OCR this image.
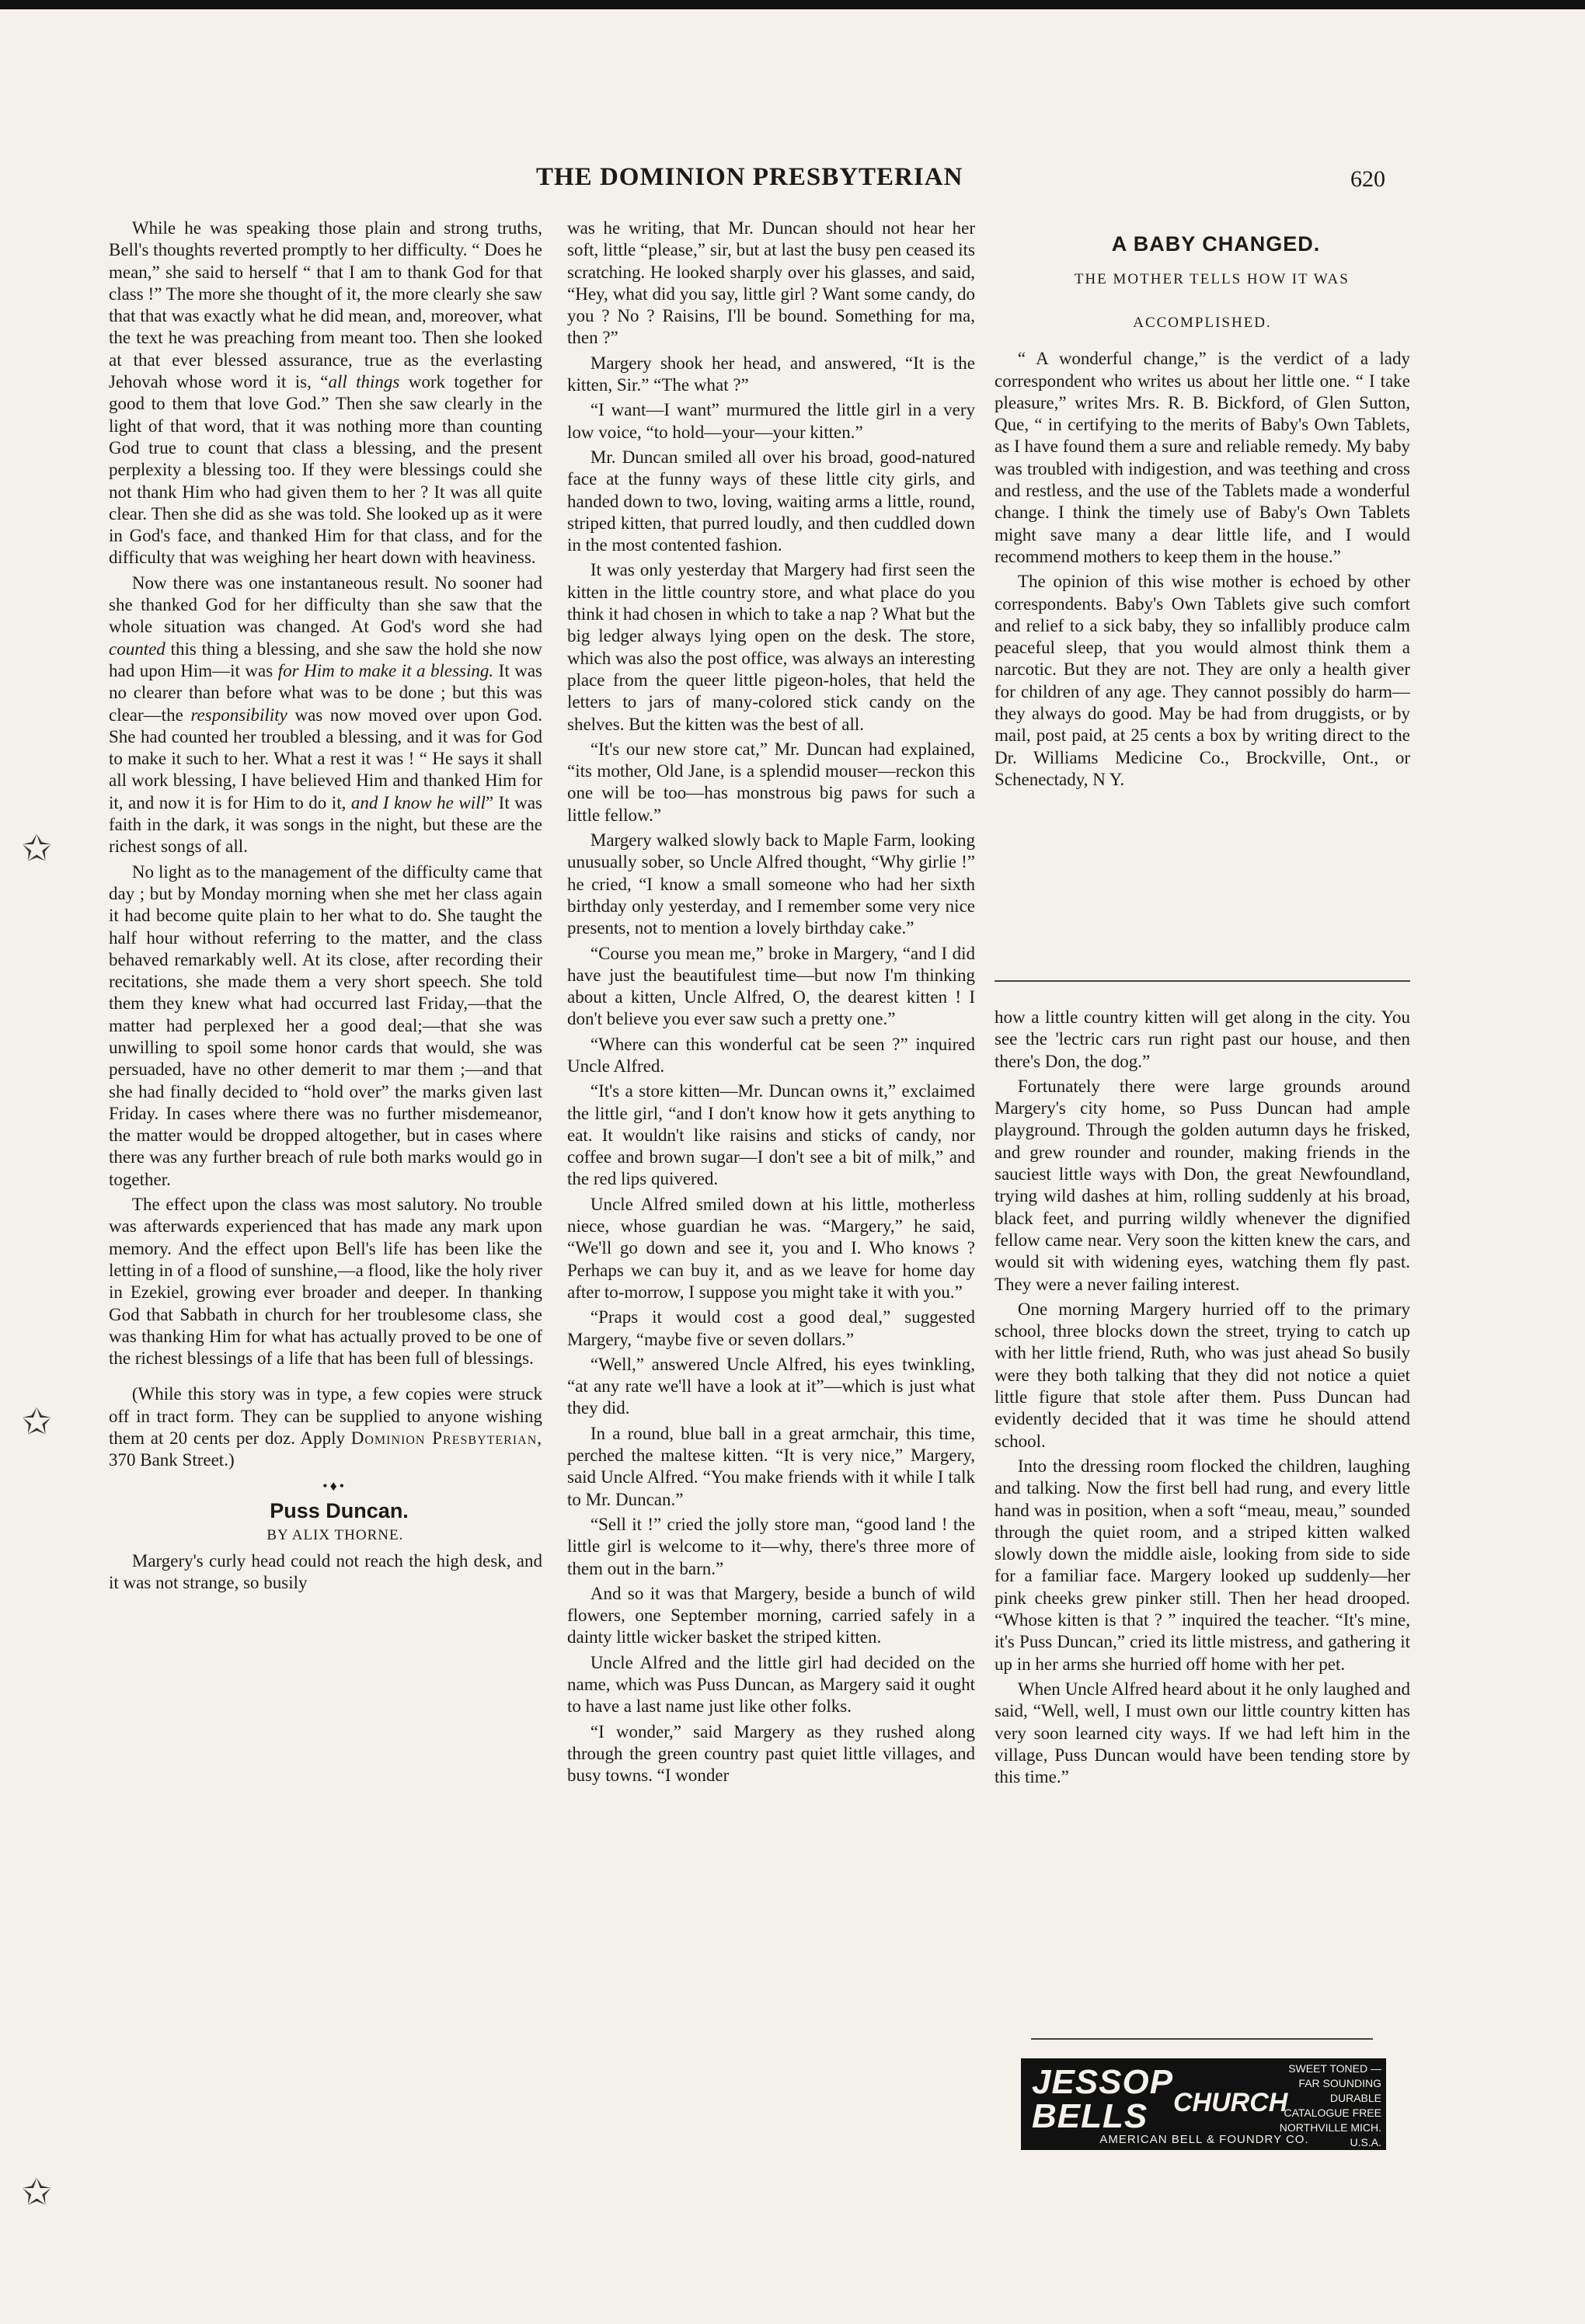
THE DOMINION PRESBYTERIAN	620
✩
✩
✩

While he was speaking those plain and strong truths, Bell's thoughts reverted promptly to her difficulty. “ Does he mean,” she said to herself “ that I am to thank God for that class !” The more she thought of it, the more clearly she saw that that was exactly what he did mean, and, moreover, what the text he was preaching from meant too. Then she looked at that ever blessed assurance, true as the everlasting Jehovah whose word it is, “all things work together for good to them that love God.” Then she saw clearly in the light of that word, that it was nothing more than counting God true to count that class a blessing, and the present perplexity a blessing too. If they were blessings could she not thank Him who had given them to her ? It was all quite clear. Then she did as she was told. She looked up as it were in God's face, and thanked Him for that class, and for the difficulty that was weighing her heart down with heaviness.

Now there was one instantaneous result. No sooner had she thanked God for her difficulty than she saw that the whole situation was changed. At God's word she had counted this thing a blessing, and she saw the hold she now had upon Him—it was for Him to make it a blessing. It was no clearer than before what was to be done ; but this was clear—the responsibility was now moved over upon God. She had counted her troubled a blessing, and it was for God to make it such to her. What a rest it was ! “ He says it shall all work blessing, I have believed Him and thanked Him for it, and now it is for Him to do it, and I know he will” It was faith in the dark, it was songs in the night, but these are the richest songs of all.

No light as to the management of the difficulty came that day ; but by Monday morning when she met her class again it had become quite plain to her what to do. She taught the half hour without referring to the matter, and the class behaved remarkably well. At its close, after recording their recitations, she made them a very short speech. She told them they knew what had occurred last Friday,—that the matter had perplexed her a good deal;—that she was unwilling to spoil some honor cards that would, she was persuaded, have no other demerit to mar them ;—and that she had finally decided to “hold over” the marks given last Friday. In cases where there was no further misdemeanor, the matter would be dropped altogether, but in cases where there was any further breach of rule both marks would go in together.

The effect upon the class was most salutory. No trouble was afterwards experienced that has made any mark upon memory. And the effect upon Bell's life has been like the letting in of a flood of sunshine,—a flood, like the holy river in Ezekiel, growing ever broader and deeper. In thanking God that Sabbath in church for her troublesome class, she was thanking Him for what has actually proved to be one of the richest blessings of a life that has been full of blessings.

(While this story was in type, a few copies were struck off in tract form. They can be supplied to anyone wishing them at 20 cents per doz. Apply Dominion Presbyterian, 370 Bank Street.)

•♦•

Puss Duncan.

BY ALIX THORNE.

Margery's curly head could not reach the high desk, and it was not strange, so busily

was he writing, that Mr. Duncan should not hear her soft, little “please,” sir, but at last the busy pen ceased its scratching. He looked sharply over his glasses, and said, “Hey, what did you say, little girl ? Want some candy, do you ? No ? Raisins, I'll be bound. Something for ma, then ?”

Margery shook her head, and answered, “It is the kitten, Sir.” “The what ?”

“I want—I want” murmured the little girl in a very low voice, “to hold—your—your kitten.”

Mr. Duncan smiled all over his broad, good-natured face at the funny ways of these little city girls, and handed down to two, loving, waiting arms a little, round, striped kitten, that purred loudly, and then cuddled down in the most contented fashion.

It was only yesterday that Margery had first seen the kitten in the little country store, and what place do you think it had chosen in which to take a nap ? What but the big ledger always lying open on the desk. The store, which was also the post office, was always an interesting place from the queer little pigeon-holes, that held the letters to jars of many-colored stick candy on the shelves. But the kitten was the best of all.

“It's our new store cat,” Mr. Duncan had explained, “its mother, Old Jane, is a splendid mouser—reckon this one will be too—has monstrous big paws for such a little fellow.”

Margery walked slowly back to Maple Farm, looking unusually sober, so Uncle Alfred thought, “Why girlie !” he cried, “I know a small someone who had her sixth birthday only yesterday, and I remember some very nice presents, not to mention a lovely birthday cake.”

“Course you mean me,” broke in Margery, “and I did have just the beautifulest time—but now I'm thinking about a kitten, Uncle Alfred, O, the dearest kitten ! I don't believe you ever saw such a pretty one.”

“Where can this wonderful cat be seen ?” inquired Uncle Alfred.

“It's a store kitten—Mr. Duncan owns it,” exclaimed the little girl, “and I don't know how it gets anything to eat. It wouldn't like raisins and sticks of candy, nor coffee and brown sugar—I don't see a bit of milk,” and the red lips quivered.

Uncle Alfred smiled down at his little, motherless niece, whose guardian he was. “Margery,” he said, “We'll go down and see it, you and I. Who knows ? Perhaps we can buy it, and as we leave for home day after to-morrow, I suppose you might take it with you.”

“Praps it would cost a good deal,” suggested Margery, “maybe five or seven dollars.”

“Well,” answered Uncle Alfred, his eyes twinkling, “at any rate we'll have a look at it”—which is just what they did.

In a round, blue ball in a great armchair, this time, perched the maltese kitten. “It is very nice,” Margery, said Uncle Alfred. “You make friends with it while I talk to Mr. Duncan.”

“Sell it !” cried the jolly store man, “good land ! the little girl is welcome to it—why, there's three more of them out in the barn.”

And so it was that Margery, beside a bunch of wild flowers, one September morning, carried safely in a dainty little wicker basket the striped kitten.

Uncle Alfred and the little girl had decided on the name, which was Puss Duncan, as Margery said it ought to have a last name just like other folks.

“I wonder,” said Margery as they rushed along through the green country past quiet little villages, and busy towns. “I wonder

A BABY CHANGED.

THE MOTHER TELLS HOW IT WAS ACCOMPLISHED.

“ A wonderful change,” is the verdict of a lady correspondent who writes us about her little one. “ I take pleasure,” writes Mrs. R. B. Bickford, of Glen Sutton, Que, “ in certifying to the merits of Baby's Own Tablets, as I have found them a sure and reliable remedy. My baby was troubled with indigestion, and was teething and cross and restless, and the use of the Tablets made a wonderful change. I think the timely use of Baby's Own Tablets might save many a dear little life, and I would recommend mothers to keep them in the house.”

The opinion of this wise mother is echoed by other correspondents. Baby's Own Tablets give such comfort and relief to a sick baby, they so infallibly produce calm peaceful sleep, that you would almost think them a narcotic. But they are not. They are only a health giver for children of any age. They cannot possibly do harm—they always do good. May be had from druggists, or by mail, post paid, at 25 cents a box by writing direct to the Dr. Williams Medicine Co., Brockville, Ont., or Schenectady, N Y.

how a little country kitten will get along in the city. You see the 'lectric cars run right past our house, and then there's Don, the dog.”

Fortunately there were large grounds around Margery's city home, so Puss Duncan had ample playground. Through the golden autumn days he frisked, and grew rounder and rounder, making friends in the sauciest little ways with Don, the great Newfoundland, trying wild dashes at him, rolling suddenly at his broad, black feet, and purring wildly whenever the dignified fellow came near. Very soon the kitten knew the cars, and would sit with widening eyes, watching them fly past. They were a never failing interest.

One morning Margery hurried off to the primary school, three blocks down the street, trying to catch up with her little friend, Ruth, who was just ahead So busily were they both talking that they did not notice a quiet little figure that stole after them. Puss Duncan had evidently decided that it was time he should attend school.

Into the dressing room flocked the children, laughing and talking. Now the first bell had rung, and every little hand was in position, when a soft “meau, meau,” sounded through the quiet room, and a striped kitten walked slowly down the middle aisle, looking from side to side for a familiar face. Margery looked up suddenly—her pink cheeks grew pinker still. Then her head drooped. “Whose kitten is that ? ” inquired the teacher. “It's mine, it's Puss Duncan,” cried its little mistress, and gathering it up in her arms she hurried off home with her pet.

When Uncle Alfred heard about it he only laughed and said, “Well, well, I must own our little country kitten has very soon learned city ways. If we had left him in the village, Puss Duncan would have been tending store by this time.”

JESSOP
BELLS CHURCH
SWEET TONED —FAR SOUNDING DURABLE CATALOGUE FREE NORTHVILLE MICH. U.S.A.
AMERICAN BELL & FOUNDRY CO.
